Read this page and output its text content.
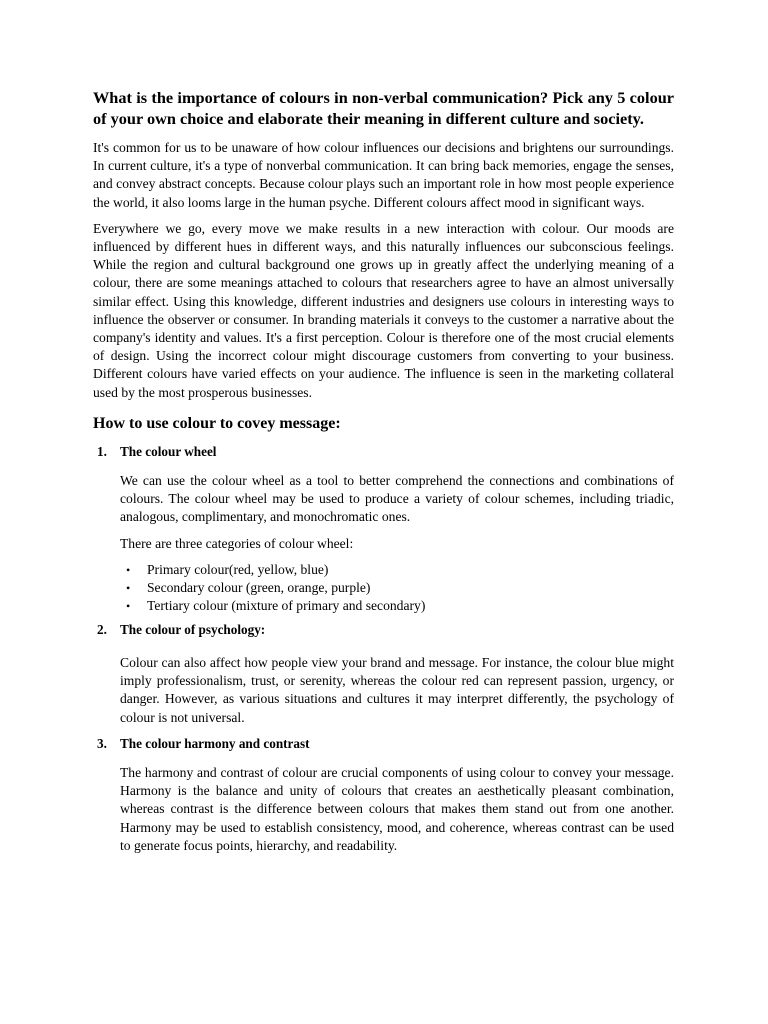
What is the importance of colours in non-verbal communication? Pick any 5 colour of your own choice and elaborate their meaning in different culture and society.

It's common for us to be unaware of how colour influences our decisions and brightens our surroundings. In current culture, it's a type of nonverbal communication. It can bring back memories, engage the senses, and convey abstract concepts. Because colour plays such an important role in how most people experience the world, it also looms large in the human psyche. Different colours affect mood in significant ways.

Everywhere we go, every move we make results in a new interaction with colour. Our moods are influenced by different hues in different ways, and this naturally influences our subconscious feelings. While the region and cultural background one grows up in greatly affect the underlying meaning of a colour, there are some meanings attached to colours that researchers agree to have an almost universally similar effect. Using this knowledge, different industries and designers use colours in interesting ways to influence the observer or consumer. In branding materials it conveys to the customer a narrative about the company's identity and values. It's a first perception. Colour is therefore one of the most crucial elements of design. Using the incorrect colour might discourage customers from converting to your business. Different colours have varied effects on your audience. The influence is seen in the marketing collateral used by the most prosperous businesses.

How to use colour to covey message:
1. The colour wheel

We can use the colour wheel as a tool to better comprehend the connections and combinations of colours. The colour wheel may be used to produce a variety of colour schemes, including triadic, analogous, complimentary, and monochromatic ones.

There are three categories of colour wheel:

•	Primary colour(red, yellow, blue)
•	Secondary colour (green, orange, purple)
•	Tertiary colour (mixture of primary and secondary)
2. The colour of psychology:

Colour can also affect how people view your brand and message. For instance, the colour blue might imply professionalism, trust, or serenity, whereas the colour red can represent passion, urgency, or danger. However, as various situations and cultures it may interpret differently, the psychology of colour is not universal.

3. The colour harmony and contrast

The harmony and contrast of colour are crucial components of using colour to convey your message. Harmony is the balance and unity of colours that creates an aesthetically pleasant combination, whereas contrast is the difference between colours that makes them stand out from one another. Harmony may be used to establish consistency, mood, and coherence, whereas contrast can be used to generate focus points, hierarchy, and readability.
